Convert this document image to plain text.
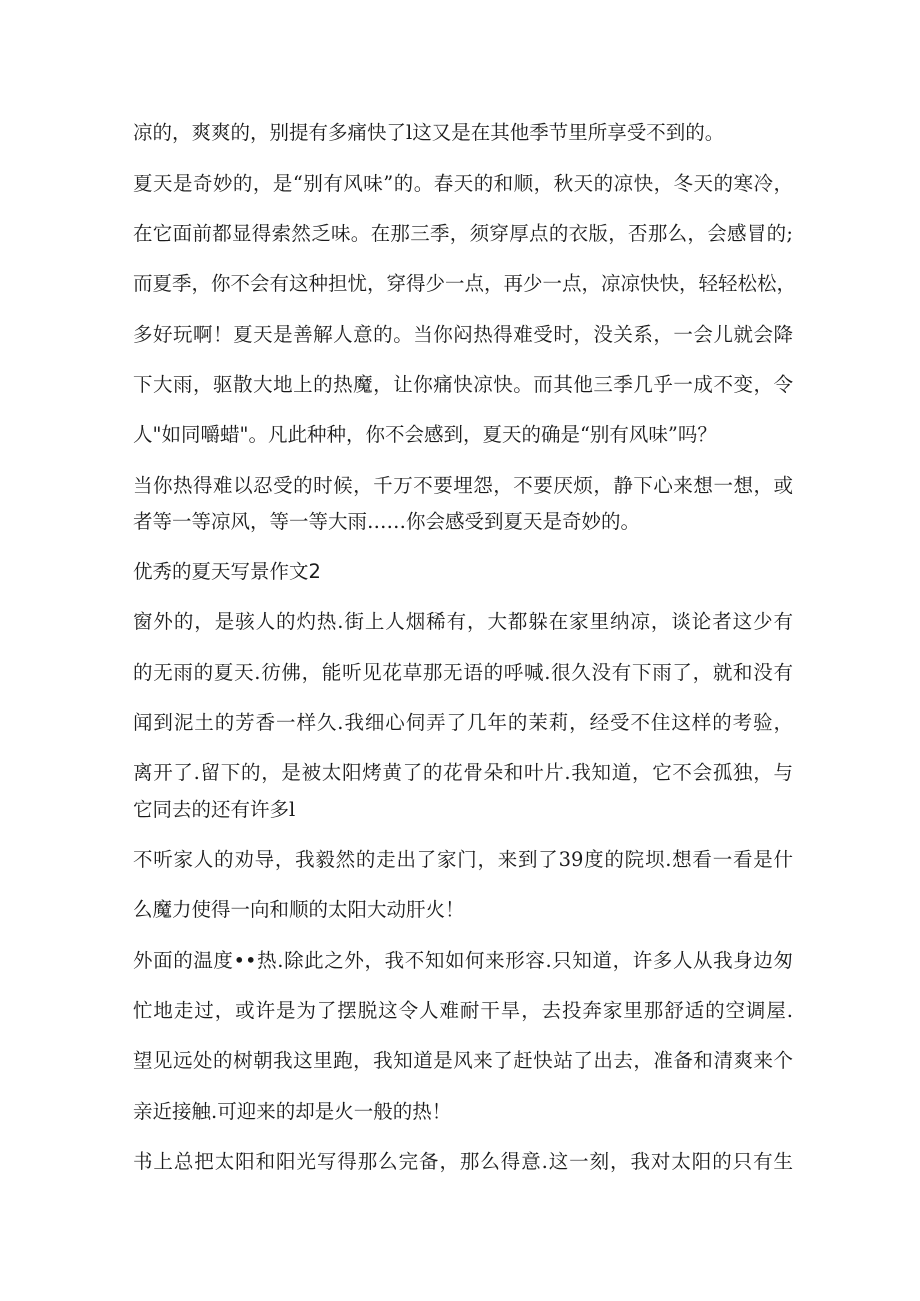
凉的，爽爽的，别提有多痛快了l这又是在其他季节里所享受不到的。
夏天是奇妙的，是“别有风味”的。春天的和顺，秋天的凉快，冬天的寒冷，
在它面前都显得索然乏味。在那三季，须穿厚点的衣版，否那么，会感冒的;
而夏季，你不会有这种担忧，穿得少一点，再少一点，凉凉快快，轻轻松松，
多好玩啊！夏天是善解人意的。当你闷热得难受时，没关系，一会儿就会降
下大雨，驱散大地上的热魔，让你痛快凉快。而其他三季几乎一成不变，令
人"如同嚼蜡"。凡此种种，你不会感到，夏天的确是“别有风味”吗？
当你热得难以忍受的时候，千万不要埋怨，不要厌烦，静下心来想一想，或
者等一等凉风，等一等大雨……你会感受到夏天是奇妙的。
优秀的夏天写景作文2
窗外的，是骇人的灼热.街上人烟稀有，大都躲在家里纳凉，谈论者这少有
的无雨的夏天.彷佛，能听见花草那无语的呼喊.很久没有下雨了，就和没有
闻到泥土的芳香一样久.我细心伺弄了几年的茉莉，经受不住这样的考验，
离开了.留下的，是被太阳烤黄了的花骨朵和叶片.我知道，它不会孤独，与
它同去的还有许多l
不听家人的劝导，我毅然的走出了家门，来到了39度的院坝.想看一看是什
么魔力使得一向和顺的太阳大动肝火！
外面的温度••热.除此之外，我不知如何来形容.只知道，许多人从我身边匆
忙地走过，或许是为了摆脱这令人难耐干旱，去投奔家里那舒适的空调屋.
望见远处的树朝我这里跑，我知道是风来了赶快站了出去，准备和清爽来个
亲近接触.可迎来的却是火一般的热！
书上总把太阳和阳光写得那么完备，那么得意.这一刻，我对太阳的只有生
